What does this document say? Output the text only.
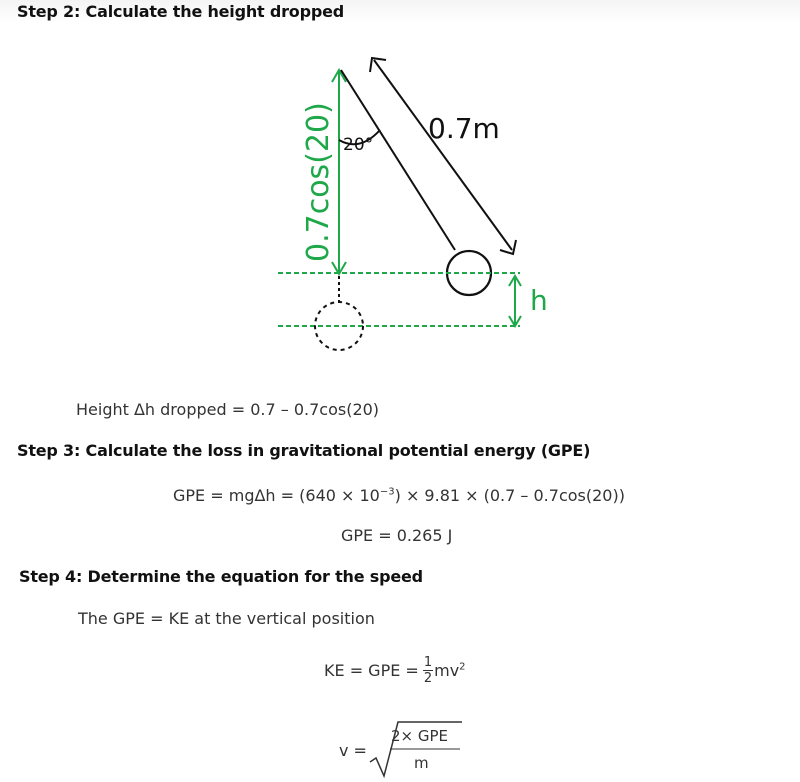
Step 2: Calculate the height dropped
0.7cos(20) 20° 0.7m
h
Height Δh dropped = 0.7 – 0.7cos(20)
Step 3: Calculate the loss in gravitational potential energy (GPE)
GPE = $mg\Delta h = (640 \times 10^{-3}) \times 9.81 \times (0.7 - 0.7\cos(20))$
GPE = 0.265 J
Step 4: Determine the equation for the speed
The GPE = KE at the vertical position
KE = GPE = $\frac{1}{2} mv^2$
v =
2× GPE
m
